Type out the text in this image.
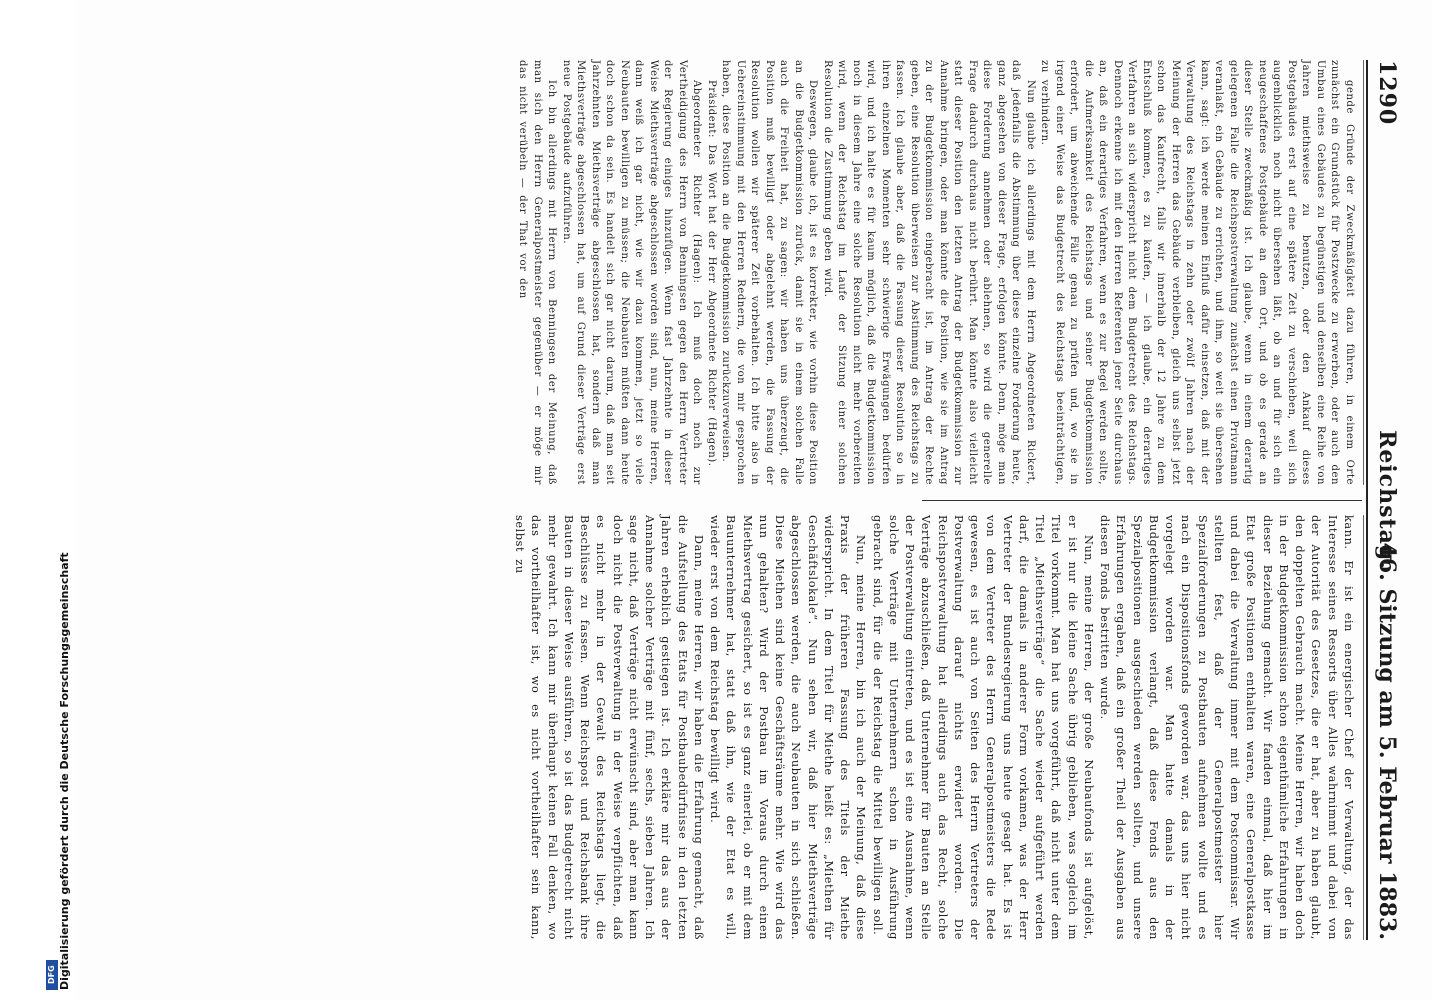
1290
Reichstag.
46. Sitzung am 5. Februar 1883.

gende Gründe der Zweckmäßigkeit dazu führen, in einem Orte zunächst ein Grundstück für Postzwecke zu erwerben, oder auch den Umbau eines Gebäudes zu begünstigen und denselben eine Reihe von Jahren miethsweise zu benutzen, oder den Ankauf dieses Postgebäudes erst auf eine spätere Zeit zu verschieben, weil sich augenblicklich noch nicht übersehen läßt, ob an und für sich ein neugeschaffenes Postgebäude an dem Ort, und ob es gerade an dieser Stelle zweckmäßig ist. Ich glaube, wenn in einem derartig gelegenen Falle die Reichspostverwaltung zunächst einen Privatmann veranlaßt, ein Gebäude zu errichten, und ihm, so weit sie übersehen kann, sagt: ich werde meinen Einfluß dafür einsetzen, daß mit der Verwaltung des Reichstags in zehn oder zwölf Jahren nach der Meinung der Herren das Gebäude verbleiben, gleich uns selbst jetzt schon das Kaufrecht, falls wir innerhalb der 12 Jahre zu dem Entschluß kommen, es zu kaufen, — ich glaube, ein derartiges Verfahren an sich widerspricht nicht dem Budgetrecht des Reichstags. Dennoch erkenne ich mit den Herren Referenten jener Seite durchaus an, daß ein derartiges Verfahren, wenn es zur Regel werden sollte, die Aufmerksamkeit des Reichstags und seiner Budgetkommission erfordert, um abweichende Fälle genau zu prüfen und, wo sie in irgend einer Weise das Budgetrecht des Reichstags beeinträchtigen, zu verhindern.

Nun glaube ich allerdings mit dem Herrn Abgeordneten Rickert, daß jedenfalls die Abstimmung über diese einzelne Forderung heute, ganz abgesehen von dieser Frage, erfolgen könnte. Denn, möge man diese Forderung annehmen oder ablehnen, so wird die generelle Frage dadurch durchaus nicht berührt. Man könnte also vielleicht statt dieser Position den letzten Antrag der Budgetkommission zur Annahme bringen, oder man könnte die Position, wie sie im Antrag zu der Budgetkommission eingebracht ist, im Antrag der Rechte geben, eine Resolution überweisen zur Abstimmung des Reichstags zu fassen. Ich glaube aber, daß die Fassung dieser Resolution so in ihren einzelnen Momenten sehr schwierige Erwägungen bedürfen wird, und ich halte es für kaum möglich, daß die Budgetkommission noch in diesem Jahre eine solche Resolution nicht mehr vorbereiten wird, wenn der Reichstag im Laufe der Sitzung einer solchen Resolution die Zustimmung geben wird.

Deswegen, glaube ich, ist es korrekter, wie vorhin diese Position an die Budgetkommission zurück, damit sie in einem solchen Falle auch die Freiheit hat, zu sagen: wir haben uns überzeugt, die Position muß bewilligt oder abgelehnt werden, die Fassung der Resolution wollen wir späterer Zeit vorbehalten. Ich bitte also in Uebereinstimmung mit den Herren Rednern, die von mir gesprochen haben, diese Position an die Budgetkommission zurückzuverweisen.

Präsident: Das Wort hat der Herr Abgeordnete Richter (Hagen).

Abgeordneter Richter (Hagen): Ich muß doch noch zur Vertheidigung des Herrn von Benningsen gegen den Herrn Vertreter der Regierung einiges hinzufügen. Wenn fast Jahrzehnte in dieser Weise Miethsverträge abgeschlossen worden sind, nun, meine Herren, dann weiß ich gar nicht, wie wir dazu kommen, jetzt so viele Neubauten bewilligen zu müssen; die Neubauten müßten dann heute doch schon da sein. Es handelt sich gar nicht darum, daß man seit Jahrzehnten Miethsverträge abgeschlossen hat, sondern daß man Miethsverträge abgeschlossen hat, um auf Grund dieser Verträge erst neue Postgebäude aufzuführen.

Ich bin allerdings mit Herrn von Benningsen der Meinung, daß man sich den Herrn Generalpostmeister gegenüber — er möge mir das nicht verübeln — der That vor den

kann. Er ist ein energischer Chef der Verwaltung, der das Interesse seines Ressorts über Alles wahrnimmt und dabei von der Autorität des Gesetzes, die er hat, aber zu haben glaubt, den doppelten Gebrauch macht. Meine Herren, wir haben doch in der Budgetkommission schon eigenthümliche Erfahrungen in dieser Beziehung gemacht. Wir fanden einmal, daß hier im Etat große Positionen enthalten waren, eine Generalpostkasse und dabei die Verwaltung immer mit dem Postcommissar. Wir stellten fest, daß der Generalpostmeister hier Spezialforderungen zu Postbauten aufnehmen wollte und es nach ein Dispositionsfonds geworden war, das uns hier nicht vorgelegt worden war. Man hatte damals in der Budgetkommission verlangt, daß diese Fonds aus den Spezialpositionen ausgeschieden werden sollten, und unsere Erfahrungen ergaben, daß ein großer Theil der Ausgaben aus diesen Fonds bestritten wurde.

Nun, meine Herren, der große Neubaufonds ist aufgelöst, er ist nur die kleine Sache übrig geblieben, was sogleich im Titel vorkommt. Man hat uns vorgeführt, daß nicht unter dem Titel „Miethsverträge“ die Sache wieder aufgeführt werden darf, die damals in anderer Form vorkamen, was der Herr Vertreter der Bundesregierung uns heute gesagt hat. Es ist von dem Vertreter des Herrn Generalpostmeisters die Rede gewesen, es ist auch von Seiten des Herrn Vertreters der Postverwaltung darauf nichts erwidert worden. Die Reichspostverwaltung hat allerdings auch das Recht, solche Verträge abzuschließen, daß Unternehmer für Bauten an Stelle der Postverwaltung eintreten, und es ist eine Ausnahme, wenn solche Verträge mit Unternehmern schon in Ausführung gebracht sind, für die der Reichstag die Mittel bewilligen soll.

Nun, meine Herren, bin ich auch der Meinung, daß diese Praxis der früheren Fassung des Titels der Miethe widerspricht. In dem Titel für Miethe heißt es: „Miethen für Geschäftslokale“. Nun sehen wir, daß hier Miethsverträge abgeschlossen werden, die auch Neubauten in sich schließen. Diese Miethen sind keine Geschäftsräume mehr. Wie wird das nun gehalten? Wird der Postbau im Voraus durch einen Miethsvertrag gesichert, so ist es ganz einerlei, ob er mit dem Bauunternehmer hat, statt daß ihn, wie der Etat es will, wieder erst von dem Reichstag bewilligt wird.

Dann, meine Herren, wir haben die Erfahrung gemacht, daß die Aufstellung des Etats für Postbaubedürfnisse in den letzten Jahren erheblich gestiegen ist. Ich erkläre mir das aus der Annahme solcher Verträge mit fünf, sechs, sieben Jahren. Ich sage nicht, daß Verträge nicht erwünscht sind, aber man kann doch nicht die Postverwaltung in der Weise verpflichten, daß es nicht mehr in der Gewalt des Reichstags liegt, die Beschlüsse zu fassen. Wenn Reichspost und Reichsbank ihre Bauten in dieser Weise ausführen, so ist das Budgetrecht nicht mehr gewahrt. Ich kann mir überhaupt keinen Fall denken, wo das vortheilhafter ist, wo es nicht vortheilhafter sein kann, selbst zu

Digitalisierung gefördert durch die Deutsche Forschungsgemeinschaft
DFG
